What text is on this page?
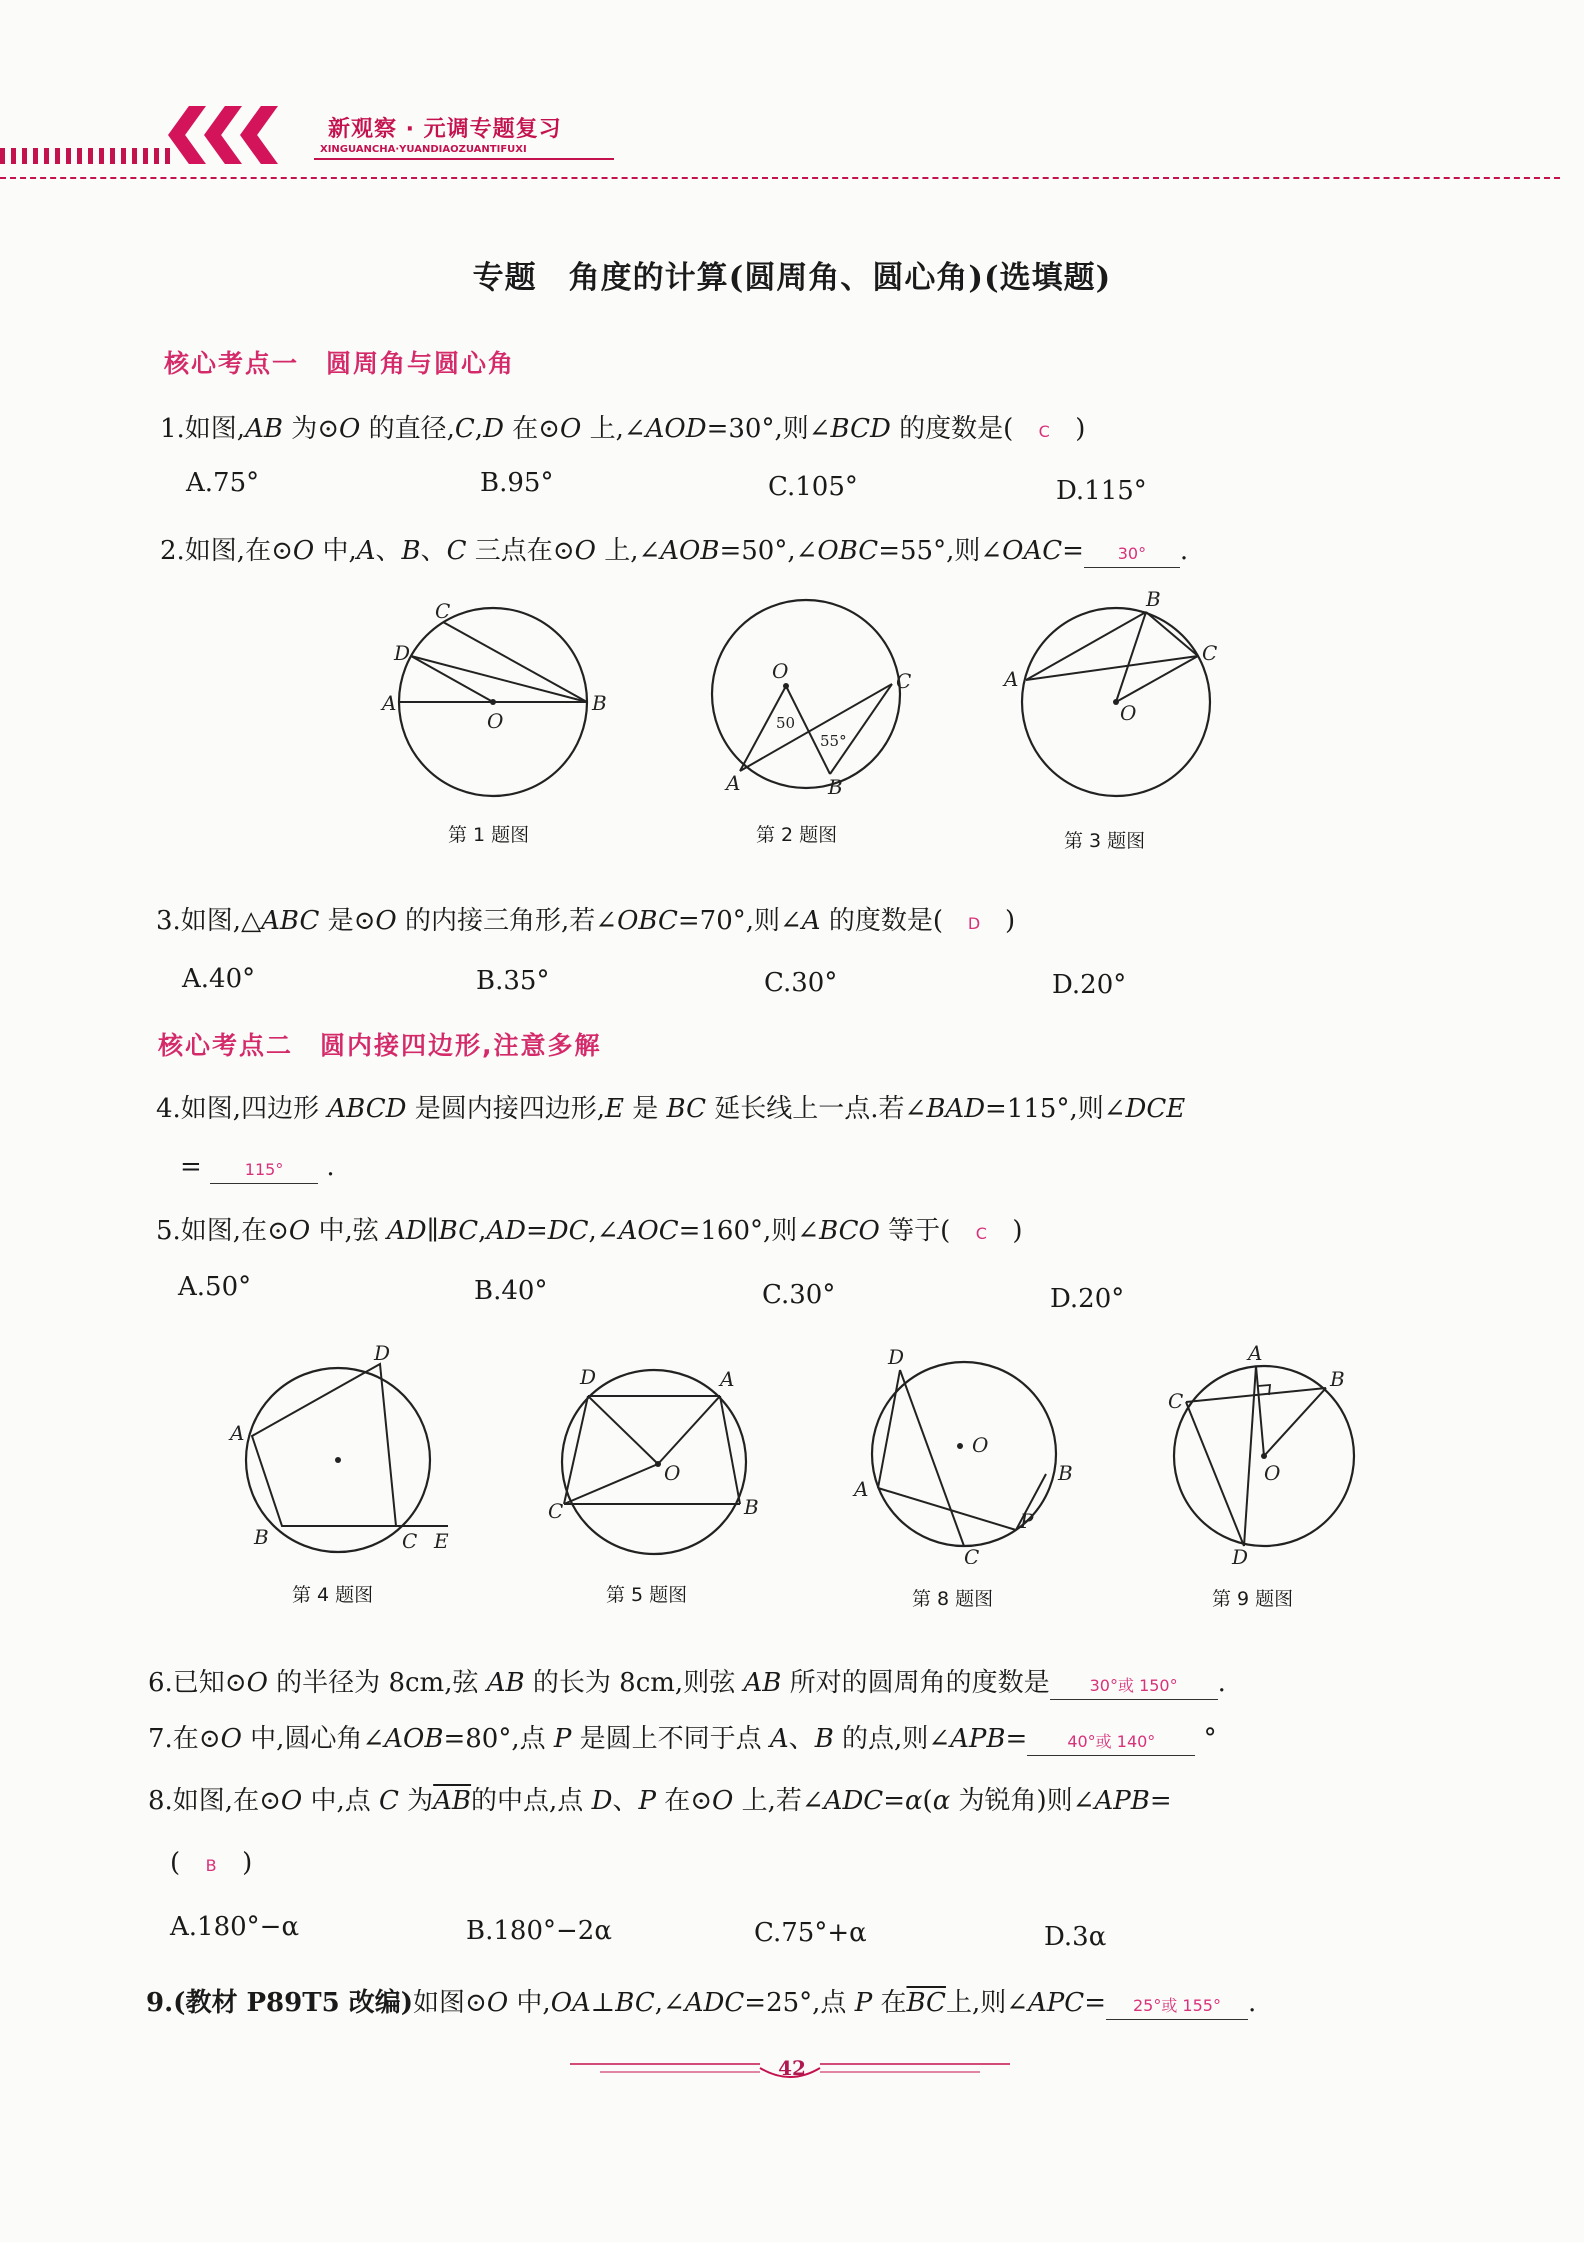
新观察 · 元调专题复习
XINGUANCHA·YUANDIAOZUANTIFUXI
专题　角度的计算(圆周角、圆心角)(选填题)
核心考点一　圆周角与圆心角
1.如图,AB 为⊙O 的直径,C,D 在⊙O 上,∠AOD=30°,则∠BCD 的度数是( C )
A.75°	B.95°	C.105°	D.115°
2.如图,在⊙O 中,A、B、C 三点在⊙O 上,∠AOB=50°,∠OBC=55°,则∠OAC= 30° .
C
D
A
O
B
第 1 题图
50
55°
O	C
A	B
第 2 题图
B
C
A
O
第 3 题图
3.如图,△ABC 是⊙O 的内接三角形,若∠OBC=70°,则∠A 的度数是( D )
A.40°	B.35°	C.30°	D.20°
核心考点二　圆内接四边形,注意多解
4.如图,四边形 ABCD 是圆内接四边形,E 是 BC 延长线上一点.若∠BAD=115°,则∠DCE
=	115° .
5.如图,在⊙O 中,弦 AD∥BC,AD=DC,∠AOC=160°,则∠BCO 等于( C )
A.50°	B.40°	C.30°	D.20°
D
A
B	C E
第 4 题图
D	A
O
C	B
第 5 题图
D
O
B
A
P
C
第 8 题图
A
B
C
O
D
第 9 题图
6.已知⊙O 的半径为 8cm,弦 AB 的长为 8cm,则弦 AB 所对的圆周角的度数是	30°或 150° .
7.在⊙O 中,圆心角∠AOB=80°,点 P 是圆上不同于点 A、B 的点,则∠APB=	40°或 140° °
8.如图,在⊙O 中,点 C 为$\overline{AB}$的中点,点 D、P 在⊙O 上,若∠ADC=α(α 为锐角)则∠APB=
( B )
A.180°−α	B.180°−2α	C.75°+α	D.3α
9.(教材 P89T5 改编)如图⊙O 中,OA⊥BC,∠ADC=25°,点 P 在$\overline{BC}$上,则∠APC= 25°或 155° .
42
